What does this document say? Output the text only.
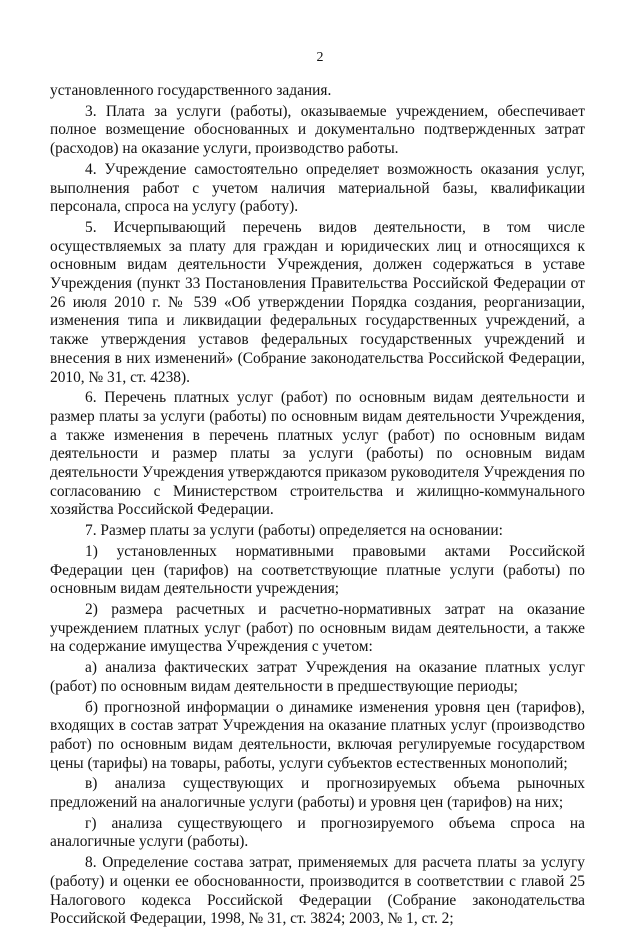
2

установленного государственного задания.

3. Плата за услуги (работы), оказываемые учреждением, обеспечивает полное возмещение обоснованных и документально подтвержденных затрат (расходов) на оказание услуги, производство работы.

4. Учреждение самостоятельно определяет возможность оказания услуг, выполнения работ с учетом наличия материальной базы, квалификации персонала, спроса на услугу (работу).

5. Исчерпывающий перечень видов деятельности, в том числе осуществляемых за плату для граждан и юридических лиц и относящихся к основным видам деятельности Учреждения, должен содержаться в уставе Учреждения (пункт 33 Постановления Правительства Российской Федерации от 26 июля 2010 г. № 539 «Об утверждении Порядка создания, реорганизации, изменения типа и ликвидации федеральных государственных учреждений, а также утверждения уставов федеральных государственных учреждений и внесения в них изменений» (Собрание законодательства Российской Федерации, 2010, № 31, ст. 4238).

6. Перечень платных услуг (работ) по основным видам деятельности и размер платы за услуги (работы) по основным видам деятельности Учреждения, а также изменения в перечень платных услуг (работ) по основным видам деятельности и размер платы за услуги (работы) по основным видам деятельности Учреждения утверждаются приказом руководителя Учреждения по согласованию с Министерством строительства и жилищно-коммунального хозяйства Российской Федерации.

7. Размер платы за услуги (работы) определяется на основании:

1) установленных нормативными правовыми актами Российской Федерации цен (тарифов) на соответствующие платные услуги (работы) по основным видам деятельности учреждения;

2) размера расчетных и расчетно-нормативных затрат на оказание учреждением платных услуг (работ) по основным видам деятельности, а также на содержание имущества Учреждения с учетом:

а) анализа фактических затрат Учреждения на оказание платных услуг (работ) по основным видам деятельности в предшествующие периоды;

б) прогнозной информации о динамике изменения уровня цен (тарифов), входящих в состав затрат Учреждения на оказание платных услуг (производство работ) по основным видам деятельности, включая регулируемые государством цены (тарифы) на товары, работы, услуги субъектов естественных монополий;

в) анализа существующих и прогнозируемых объема рыночных предложений на аналогичные услуги (работы) и уровня цен (тарифов) на них;

г) анализа существующего и прогнозируемого объема спроса на аналогичные услуги (работы).

8. Определение состава затрат, применяемых для расчета платы за услугу (работу) и оценки ее обоснованности, производится в соответствии с главой 25 Налогового кодекса Российской Федерации (Собрание законодательства Российской Федерации, 1998, № 31, ст. 3824; 2003, № 1, ст. 2;
